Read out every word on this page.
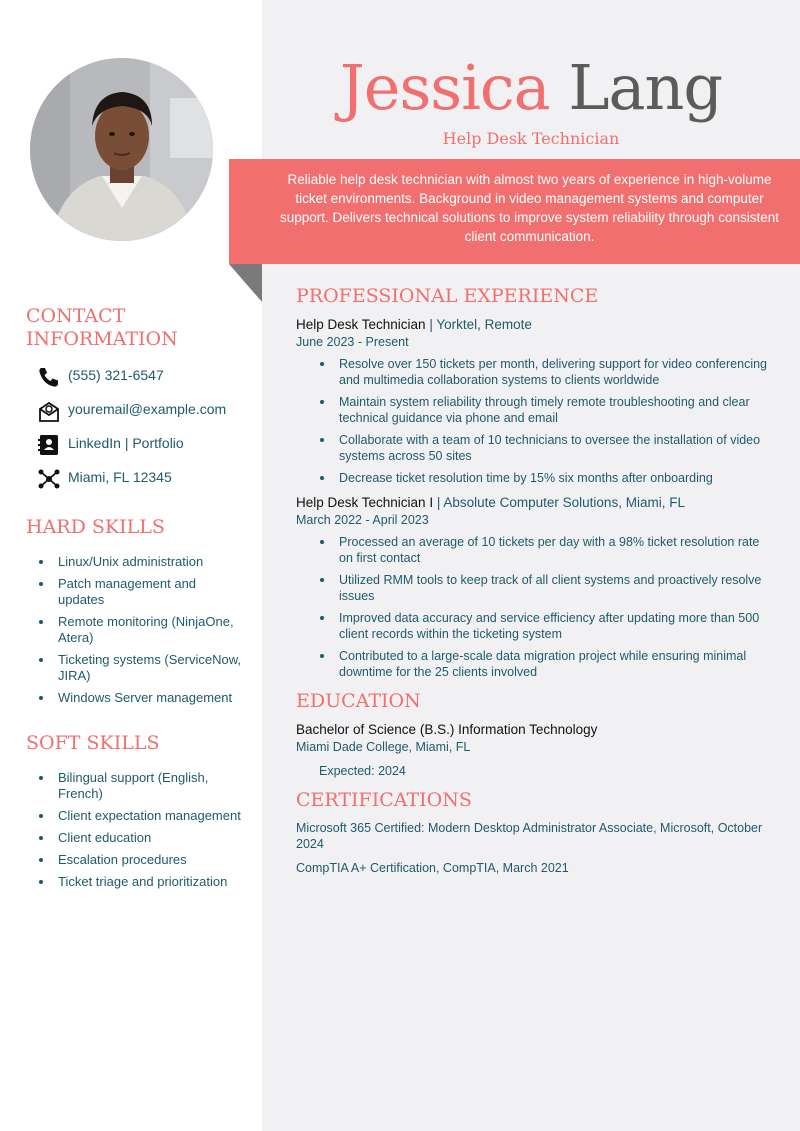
Jessica Lang
Help Desk Technician
Reliable help desk technician with almost two years of experience in high-volume ticket environments. Background in video management systems and computer support. Delivers technical solutions to improve system reliability through consistent client communication.
CONTACT INFORMATION
(555) 321-6547
youremail@example.com
LinkedIn | Portfolio
Miami, FL 12345
HARD SKILLS
Linux/Unix administration
Patch management and updates
Remote monitoring (NinjaOne, Atera)
Ticketing systems (ServiceNow, JIRA)
Windows Server management
SOFT SKILLS
Bilingual support (English, French)
Client expectation management
Client education
Escalation procedures
Ticket triage and prioritization
PROFESSIONAL EXPERIENCE
Help Desk Technician | Yorktel, Remote
June 2023 - Present
Resolve over 150 tickets per month, delivering support for video conferencing and multimedia collaboration systems to clients worldwide
Maintain system reliability through timely remote troubleshooting and clear technical guidance via phone and email
Collaborate with a team of 10 technicians to oversee the installation of video systems across 50 sites
Decrease ticket resolution time by 15% six months after onboarding
Help Desk Technician I | Absolute Computer Solutions, Miami, FL
March 2022 - April 2023
Processed an average of 10 tickets per day with a 98% ticket resolution rate on first contact
Utilized RMM tools to keep track of all client systems and proactively resolve issues
Improved data accuracy and service efficiency after updating more than 500 client records within the ticketing system
Contributed to a large-scale data migration project while ensuring minimal downtime for the 25 clients involved
EDUCATION
Bachelor of Science (B.S.) Information Technology
Miami Dade College, Miami, FL
Expected: 2024
CERTIFICATIONS
Microsoft 365 Certified: Modern Desktop Administrator Associate, Microsoft, October 2024
CompTIA A+ Certification, CompTIA, March 2021
